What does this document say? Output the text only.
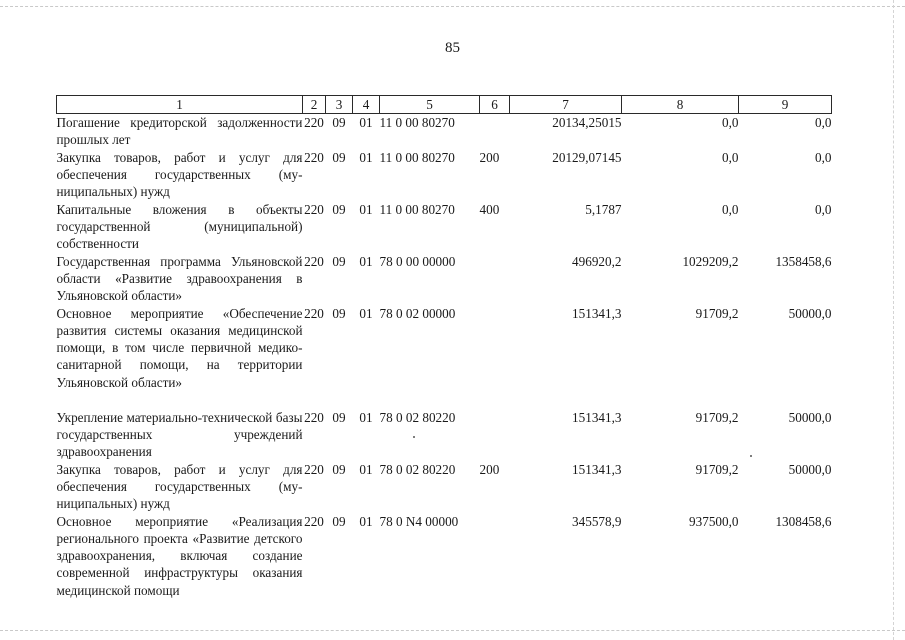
85
1	2	3	4	5	6	7	8	9
Погашение кредиторской задолженности прошлых лет	220	09	01	11 0 00 80270		20134,25015	0,0	0,0
Закупка товаров, работ и услуг для обеспечения государственных (муниципальных) нужд	220	09	01	11 0 00 80270	200	20129,07145	0,0	0,0
Капитальные вложения в объекты государственной (муниципальной) собственности	220	09	01	11 0 00 80270	400	5,1787	0,0	0,0
Государственная программа Ульяновской области «Развитие здравоохранения в Ульяновской области»	220	09	01	78 0 00 00000		496920,2	1029209,2	1358458,6
Основное мероприятие «Обеспечение развития системы оказания медицинской помощи, в том числе первичной медико-санитарной помощи, на территории Ульяновской области»	220	09	01	78 0 02 00000		151341,3	91709,2	50000,0
Укрепление материально-технической базы государственных учреждений здравоохранения	220	09	01	78 0 02 80220		151341,3	91709,2	50000,0
Закупка товаров, работ и услуг для обеспечения государственных (муниципальных) нужд	220	09	01	78 0 02 80220	200	151341,3	91709,2	50000,0
Основное мероприятие «Реализация регионального проекта «Развитие детского здравоохранения, включая создание современной инфраструктуры оказания медицинской помощи	220	09	01	78 0 N4 00000		345578,9	937500,0	1308458,6
